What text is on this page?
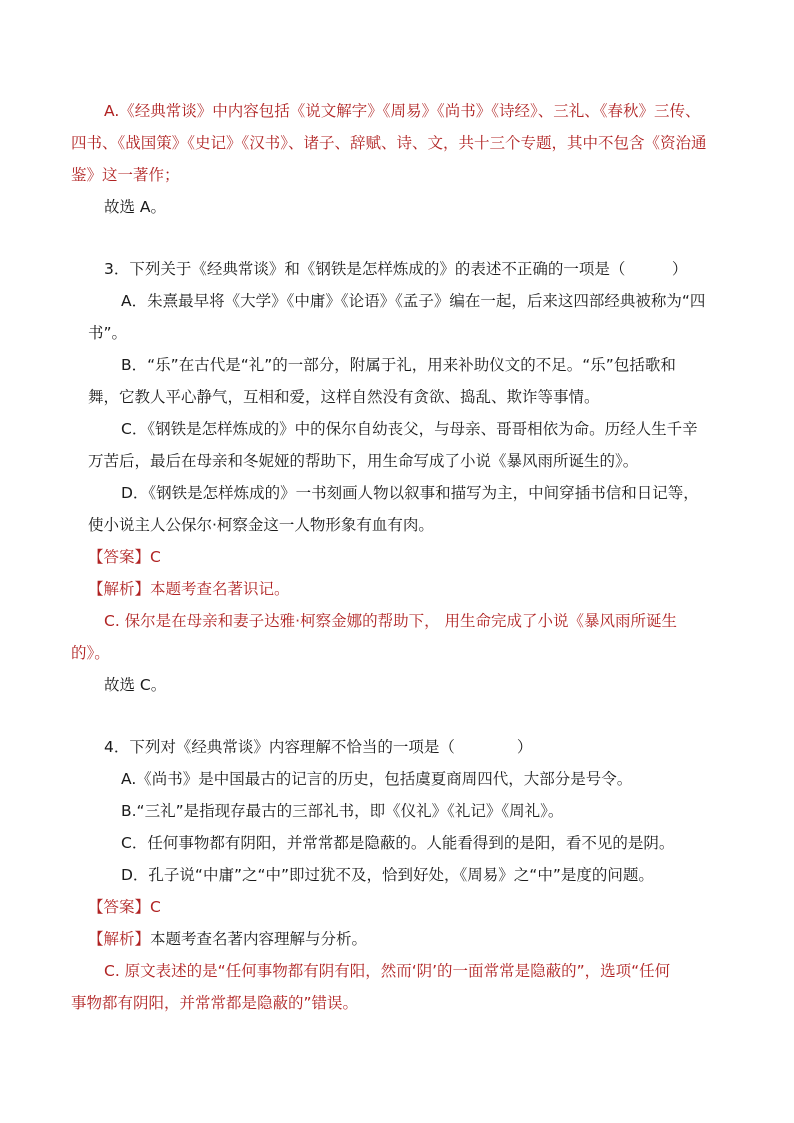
A.《经典常谈》中内容包括《说文解字》《周易》《尚书》《诗经》、三礼、《春秋》三传、
四书、《战国策》《史记》《汉书》、诸子、辞赋、诗、文，共十三个专题，其中不包含《资治通
鉴》这一著作；
故选 A。
3．下列关于《经典常谈》和《钢铁是怎样炼成的》的表述不正确的一项是（　　　）
A．朱熹最早将《大学》《中庸》《论语》《孟子》编在一起，后来这四部经典被称为“四
书”。
B．“乐”在古代是“礼”的一部分，附属于礼，用来补助仪文的不足。“乐”包括歌和
舞，它教人平心静气，互相和爱，这样自然没有贪欲、捣乱、欺诈等事情。
C．《钢铁是怎样炼成的》中的保尔自幼丧父，与母亲、哥哥相依为命。历经人生千辛
万苦后，最后在母亲和冬妮娅的帮助下，用生命写成了小说《暴风雨所诞生的》。
D．《钢铁是怎样炼成的》一书刻画人物以叙事和描写为主，中间穿插书信和日记等，
使小说主人公保尔·柯察金这一人物形象有血有肉。
【答案】C
【解析】本题考查名著识记。
C. 保尔是在母亲和妻子达雅·柯察金娜的帮助下， 用生命完成了小说《暴风雨所诞生
的》。
故选 C。
4．下列对《经典常谈》内容理解不恰当的一项是（　　　　）
A.《尚书》是中国最古的记言的历史，包括虞夏商周四代，大部分是号令。
B.“三礼”是指现存最古的三部礼书，即《仪礼》《礼记》《周礼》。
C．任何事物都有阴阳，并常常都是隐蔽的。人能看得到的是阳，看不见的是阴。
D．孔子说“中庸”之“中”即过犹不及，恰到好处，《周易》之“中”是度的问题。
【答案】C
【解析】本题考查名著内容理解与分析。
C. 原文表述的是“任何事物都有阴有阳，然而‘阴’的一面常常是隐蔽的”，选项“任何
事物都有阴阳，并常常都是隐蔽的”错误。
